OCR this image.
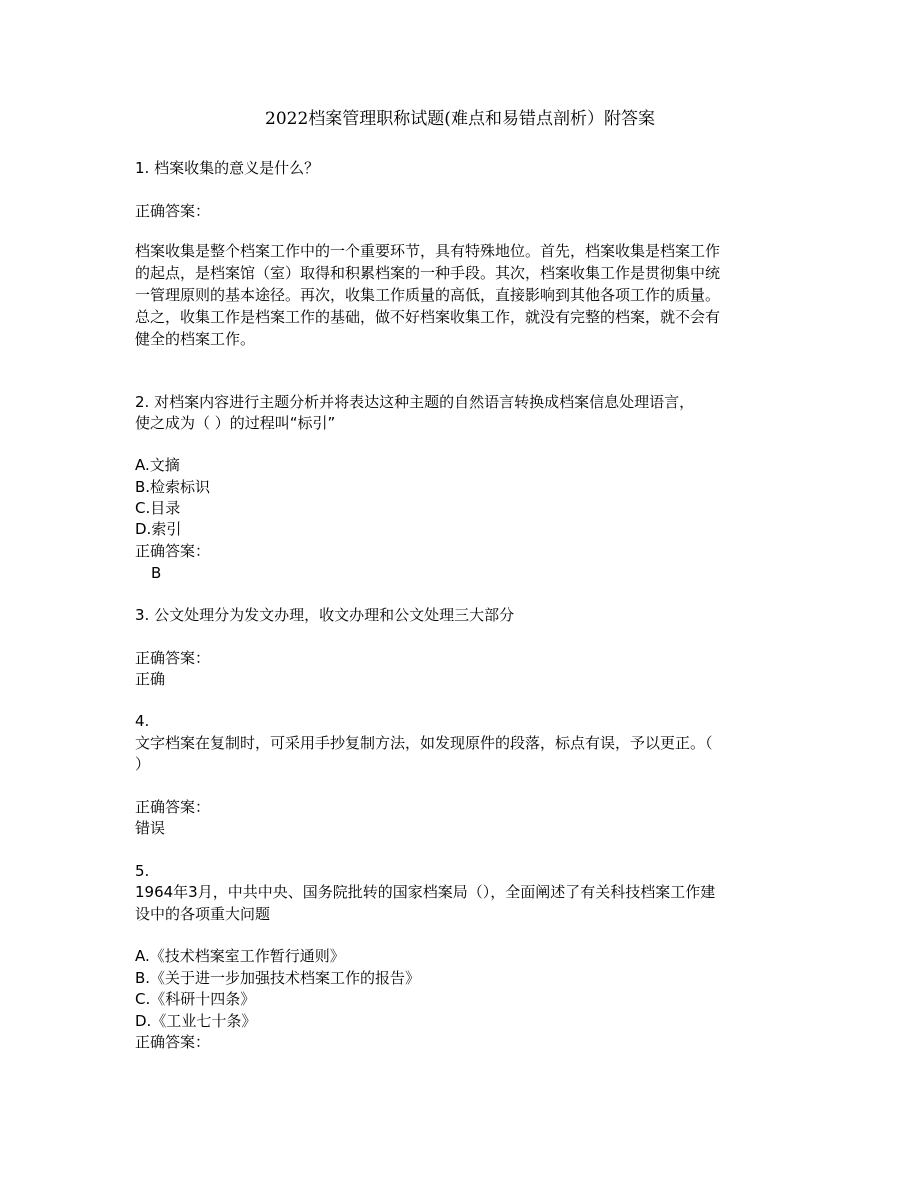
2022档案管理职称试题(难点和易错点剖析）附答案
1. 档案收集的意义是什么？
正确答案：
档案收集是整个档案工作中的一个重要环节，具有特殊地位。首先，档案收集是档案工作
的起点，是档案馆（室）取得和积累档案的一种手段。其次，档案收集工作是贯彻集中统
一管理原则的基本途径。再次，收集工作质量的高低，直接影响到其他各项工作的质量。
总之，收集工作是档案工作的基础，做不好档案收集工作，就没有完整的档案，就不会有
健全的档案工作。
2. 对档案内容进行主题分析并将表达这种主题的自然语言转换成档案信息处理语言，
使之成为（ ）的过程叫“标引”
A.文摘
B.检索标识
C.目录
D.索引
正确答案：
B
3. 公文处理分为发文办理，收文办理和公文处理三大部分
正确答案：
正确
4.
文字档案在复制时，可采用手抄复制方法，如发现原件的段落，标点有误，予以更正。（
）
正确答案：
错误
5.
1964年3月，中共中央、国务院批转的国家档案局（），全面阐述了有关科技档案工作建
设中的各项重大问题
A.《技术档案室工作暂行通则》
B.《关于进一步加强技术档案工作的报告》
C.《科研十四条》
D.《工业七十条》
正确答案：
